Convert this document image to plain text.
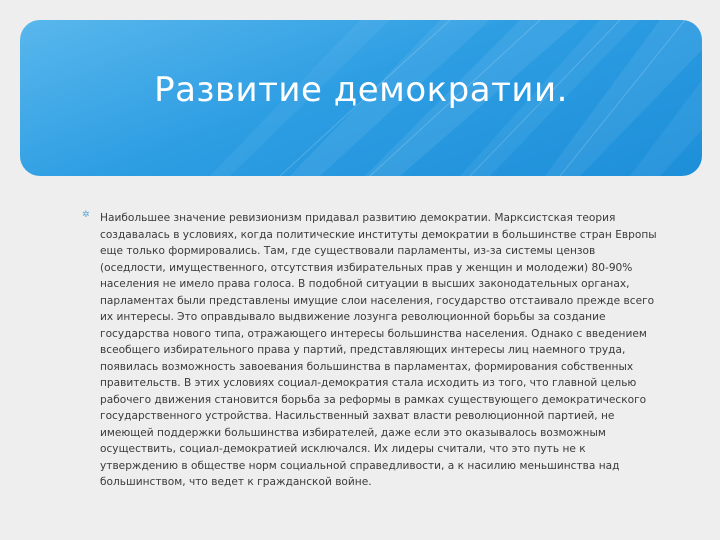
Развитие демократии.
✲ Наибольшее значение ревизионизм придавал развитию демократии. Марксистская теория создавалась в условиях, когда политические институты демократии в большинстве стран Европы еще только формировались. Там, где существовали парламенты, из-за системы цензов (оседлости, имущественного, отсутствия избирательных прав у женщин и молодежи) 80-90% населения не имело права голоса. В подобной ситуации в высших законодательных органах, парламентах были представлены имущие слои населения, государство отстаивало прежде всего их интересы. Это оправдывало выдвижение лозунга революционной борьбы за создание государства нового типа, отражающего интересы большинства населения. Однако с введением всеобщего избирательного права у партий, представляющих интересы лиц наемного труда, появилась возможность завоевания большинства в парламентах, формирования собственных правительств. В этих условиях социал-демократия стала исходить из того, что главной целью рабочего движения становится борьба за реформы в рамках существующего демократического государственного устройства. Насильственный захват власти революционной партией, не имеющей поддержки большинства избирателей, даже если это оказывалось возможным осуществить, социал-демократией исключался. Их лидеры считали, что это путь не к утверждению в обществе норм социальной справедливости, а к насилию меньшинства над большинством, что ведет к гражданской войне.
